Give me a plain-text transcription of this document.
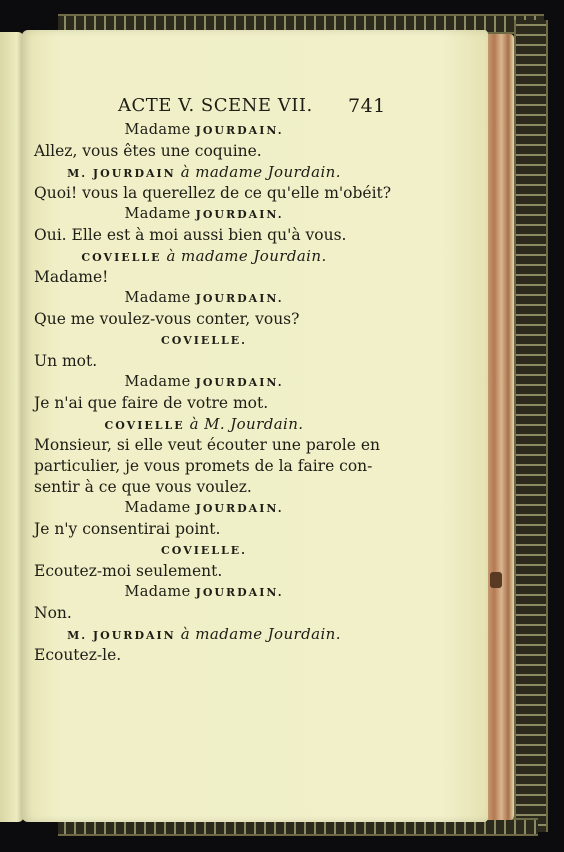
ACTE V. SCENE VII. 741
Madame JOURDAIN.
Allez, vous êtes une coquine.
M. JOURDAIN à madame Jourdain.
Quoi! vous la querellez de ce qu'elle m'obéit?
Madame JOURDAIN.
Oui. Elle est à moi aussi bien qu'à vous.
COVIELLE à madame Jourdain.
Madame!
Madame JOURDAIN.
Que me voulez-vous conter, vous?
COVIELLE.
Un mot.
Madame JOURDAIN.
Je n'ai que faire de votre mot.
COVIELLE à M. Jourdain.
Monsieur, si elle veut écouter une parole en
particulier, je vous promets de la faire con-
sentir à ce que vous voulez.
Madame JOURDAIN.
Je n'y consentirai point.
COVIELLE.
Ecoutez-moi seulement.
Madame JOURDAIN.
Non.
M. JOURDAIN à madame Jourdain.
Ecoutez-le.
